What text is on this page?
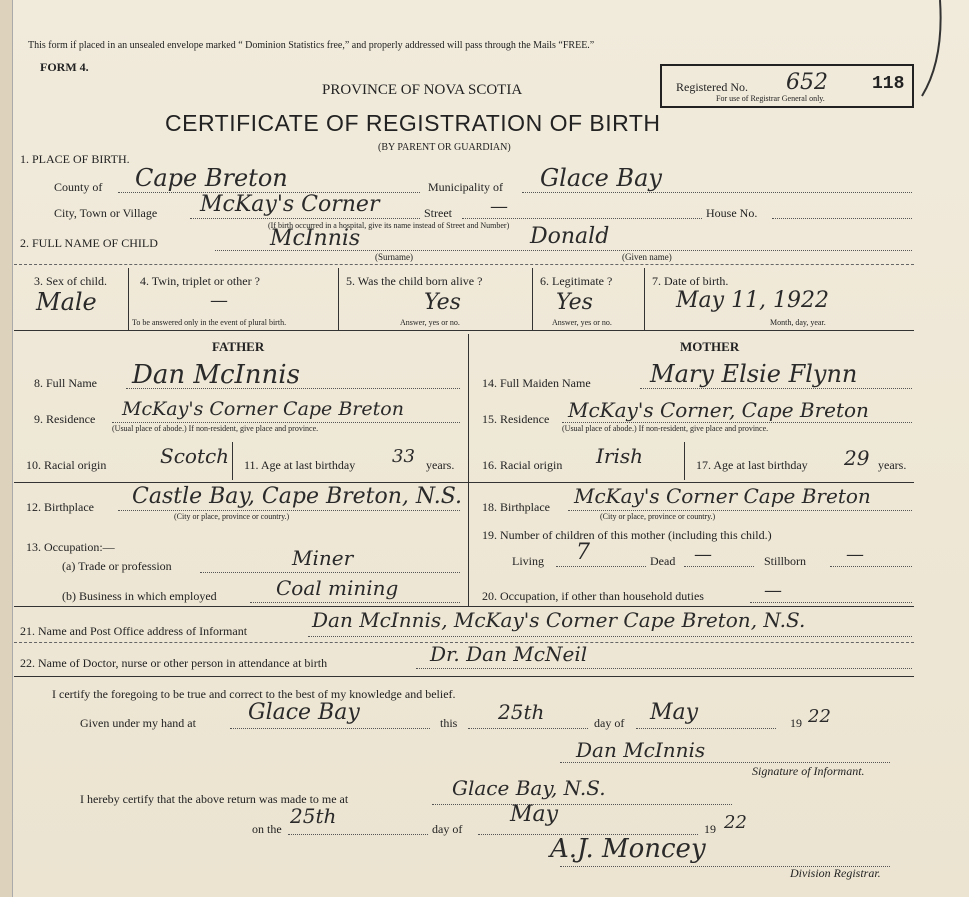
This form if placed in an unsealed envelope marked “ Dominion Statistics free,” and properly addressed will pass through the Mails “FREE.”
FORM 4.
PROVINCE OF NOVA SCOTIA
CERTIFICATE OF REGISTRATION OF BIRTH
(BY PARENT OR GUARDIAN)
Registered No. 652 118
For use of Registrar General only.
1. PLACE OF BIRTH.
County of Cape Breton	Municipality of Glace Bay
City, Town or Village McKay's Corner	Street —	House No.
(If birth occurred in a hospital, give its name instead of Street and Number)
2. FULL NAME OF CHILD	McInnis	Donald
(Surname)	(Given name)
3. Sex of child.
Male
4. Twin, triplet or other ?
—
To be answered only in the event of plural birth.
5. Was the child born alive ?
Yes
Answer, yes or no.
6. Legitimate ?
Yes
Answer, yes or no.
7. Date of birth.
May 11, 1922
Month, day, year.
FATHER	MOTHER
8. Full Name Dan McInnis
9. Residence McKay's Corner Cape Breton
(Usual place of abode.) If non-resident, give place and province.
10. Racial origin	Scotch 11. Age at last birthday 33 years.
12. Birthplace Castle Bay, Cape Breton, N.S.
(City or place, province or country.)
13. Occupation:—
(a) Trade or profession	Miner
(b) Business in which employed	Coal mining
14. Full Maiden Name Mary Elsie Flynn
15. Residence McKay's Corner, Cape Breton
(Usual place of abode.) If non-resident, give place and province.
16. Racial origin Irish	17. Age at last birthday 29 years.
18. Birthplace McKay's Corner Cape Breton
(City or place, province or country.)
19. Number of children of this mother (including this child.)
Living 7	Dead —	Stillborn —
20. Occupation, if other than household duties	—
21. Name and Post Office address of Informant	Dan McInnis, McKay's Corner Cape Breton, N.S.
22. Name of Doctor, nurse or other person in attendance at birth	Dr. Dan McNeil
I certify the foregoing to be true and correct to the best of my knowledge and belief.
Given under my hand at Glace Bay	this 25th	day of May	19 22
Dan McInnis
Signature of Informant.
I hereby certify that the above return was made to me at	Glace Bay, N.S.
on the
25th
day of
May
19 22
A.J. Moncey
Division Registrar.
